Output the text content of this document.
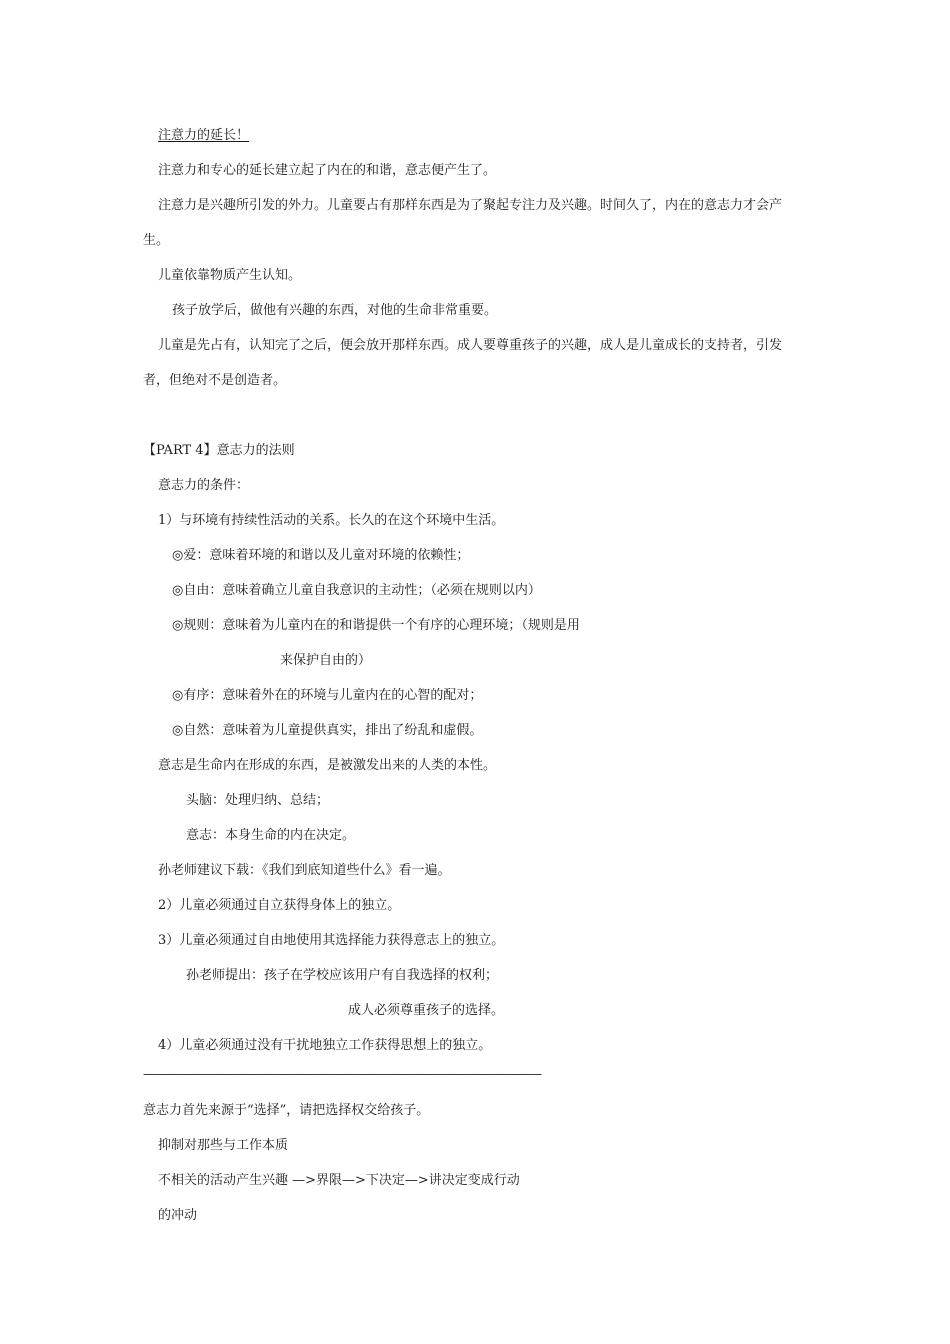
注意力的延长！
注意力和专心的延长建立起了内在的和谐，意志便产生了。
注意力是兴趣所引发的外力。儿童要占有那样东西是为了聚起专注力及兴趣。时间久了，内在的意志力才会产
生。
儿童依靠物质产生认知。
孩子放学后，做他有兴趣的东西，对他的生命非常重要。
儿童是先占有，认知完了之后，便会放开那样东西。成人要尊重孩子的兴趣，成人是儿童成长的支持者，引发
者，但绝对不是创造者。
【PART 4】意志力的法则
意志力的条件：
1）与环境有持续性活动的关系。长久的在这个环境中生活。
◎爱：意味着环境的和谐以及儿童对环境的依赖性；
◎自由：意味着确立儿童自我意识的主动性；（必须在规则以内）
◎规则：意味着为儿童内在的和谐提供一个有序的心理环境；（规则是用
来保护自由的）
◎有序：意味着外在的环境与儿童内在的心智的配对；
◎自然：意味着为儿童提供真实，排出了纷乱和虚假。
意志是生命内在形成的东西，是被激发出来的人类的本性。
头脑：处理归纳、总结；
意志：本身生命的内在决定。
孙老师建议下载：《我们到底知道些什么》看一遍。
2）儿童必须通过自立获得身体上的独立。
3）儿童必须通过自由地使用其选择能力获得意志上的独立。
孙老师提出：孩子在学校应该用户有自我选择的权利；
成人必须尊重孩子的选择。
4）儿童必须通过没有干扰地独立工作获得思想上的独立。
——————————————————————————————————
意志力首先来源于“选择”，请把选择权交给孩子。
抑制对那些与工作本质
不相关的活动产生兴趣 —>界限—>下决定—>讲决定变成行动
的冲动
